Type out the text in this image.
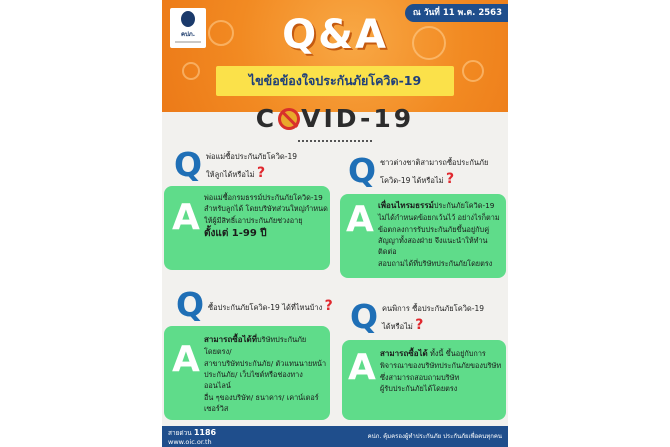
คปภ.
ณ วันที่ 11 พ.ค. 2563
Q&A
ไขข้อข้องใจประกันภัยโควิด-19
C VID-19
Q พ่อแม่ซื้อประกันภัยโควิด-19
ให้ลูกได้หรือไม่ ?
A พ่อแม่ซื้อกรมธรรม์ประกันภัยโควิด-19
สำหรับลูกได้ โดยบริษัทส่วนใหญ่กำหนด
ให้ผู้มีสิทธิ์เอาประกันภัยช่วงอายุ
ตั้งแต่ 1-99 ปี
Q ชาวต่างชาติสามารถซื้อประกันภัย
โควิด-19 ได้หรือไม่ ?
A เพื่อนไทรมธรรม์ประกันภัยโควิด-19
ไม่ได้กำหนดข้อยกเว้นไว้ อย่างไรก็ตาม
ข้อตกลงการรับประกันภัยขึ้นอยู่กับคู่
สัญญาทั้งสองฝ่าย จึงแนะนำให้ทำนติดต่อ
สอบถามได้ที่บริษัทประกันภัยโดยตรง
Q ซื้อประกันภัยโควิด-19 ได้ที่ไหนบ้าง ?
A สามารถซื้อได้ที่บริษัทประกันภัยโดยตรง/
สาขาบริษัทประกันภัย/ ตัวแทนนายหน้า
ประกันภัย/ เว็บไซต์หรือช่องทางออนไลน์
อื่น ๆของบริษัท/ ธนาคาร/ เคาน์เตอร์เซอร์วิส
Q คนพิการ ซื้อประกันภัยโควิด-19
ได้หรือไม่ ?
A สามารถซื้อได้ ทั้งนี้ ขึ้นอยู่กับการ
พิจารณาของบริษัทประกันภัยของบริษัท
ซึ่งสามารถสอบถามบริษัท
ผู้รับประกันภัยได้โดยตรง
สายด่วน 1186
www.oic.or.th
คปภ. คุ้มครองผู้ทำประกันภัย ประกันภัยเพื่อคนทุกคน
